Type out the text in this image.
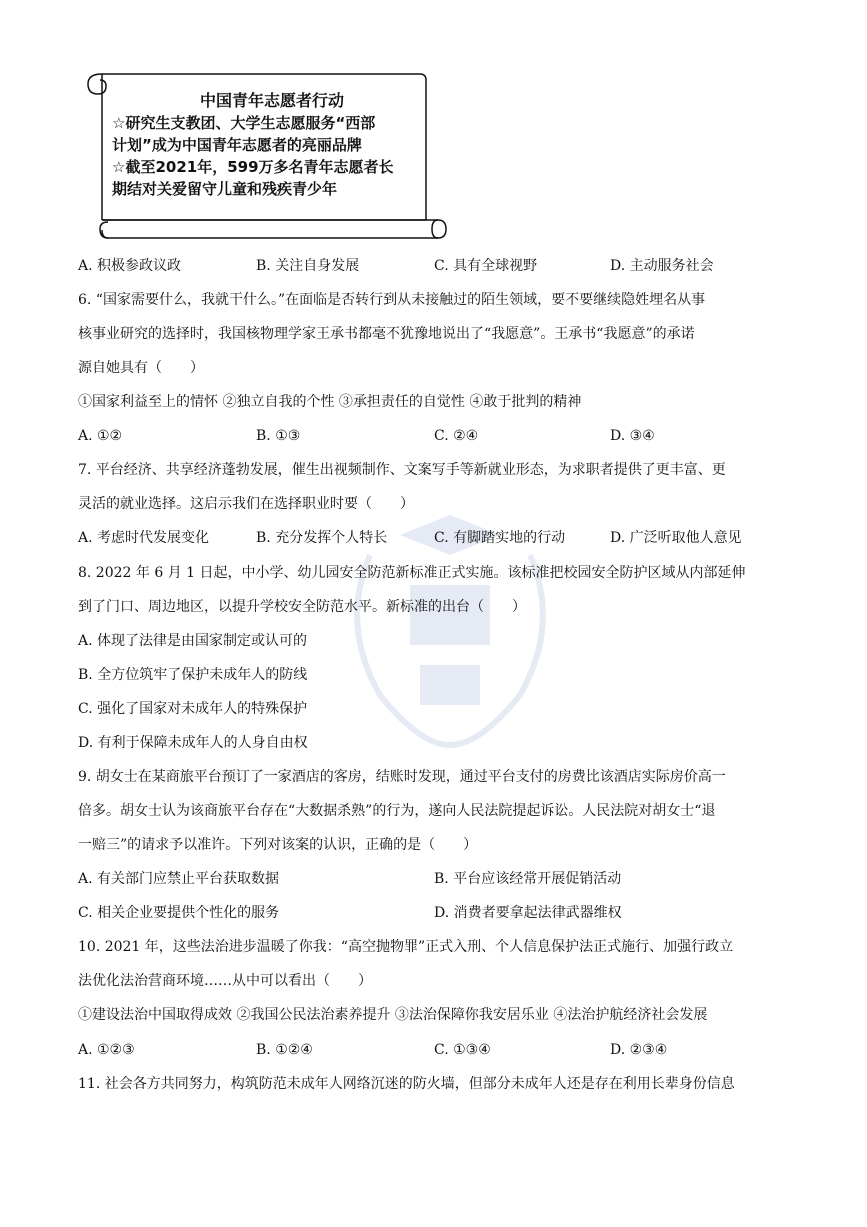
中国青年志愿者行动
☆研究生支教团、大学生志愿服务“西部
计划”成为中国青年志愿者的亮丽品牌
☆截至2021年，599万多名青年志愿者长
期结对关爱留守儿童和残疾青少年
A. 积极参政议政	B. 关注自身发展	C. 具有全球视野	D. 主动服务社会
6. “国家需要什么，我就干什么。”在面临是否转行到从未接触过的陌生领域，要不要继续隐姓埋名从事
核事业研究的选择时，我国核物理学家王承书都毫不犹豫地说出了“我愿意”。王承书“我愿意”的承诺
源自她具有（　　）
①国家利益至上的情怀 ②独立自我的个性 ③承担责任的自觉性 ④敢于批判的精神
A. ①②	B. ①③	C. ②④	D. ③④
7. 平台经济、共享经济蓬勃发展，催生出视频制作、文案写手等新就业形态，为求职者提供了更丰富、更
灵活的就业选择。这启示我们在选择职业时要（　　）
A. 考虑时代发展变化	B. 充分发挥个人特长	C. 有脚踏实地的行动	D. 广泛听取他人意见
8. 2022 年 6 月 1 日起，中小学、幼儿园安全防范新标准正式实施。该标准把校园安全防护区域从内部延伸
到了门口、周边地区，以提升学校安全防范水平。新标准的出台（　　）
A. 体现了法律是由国家制定或认可的
B. 全方位筑牢了保护未成年人的防线
C. 强化了国家对未成年人的特殊保护
D. 有利于保障未成年人的人身自由权
9. 胡女士在某商旅平台预订了一家酒店的客房，结账时发现，通过平台支付的房费比该酒店实际房价高一
倍多。胡女士认为该商旅平台存在“大数据杀熟”的行为，遂向人民法院提起诉讼。人民法院对胡女士“退
一赔三”的请求予以准许。下列对该案的认识，正确的是（　　）
A. 有关部门应禁止平台获取数据	B. 平台应该经常开展促销活动
C. 相关企业要提供个性化的服务	D. 消费者要拿起法律武器维权
10. 2021 年，这些法治进步温暖了你我：“高空抛物罪”正式入刑、个人信息保护法正式施行、加强行政立
法优化法治营商环境……从中可以看出（　　）
①建设法治中国取得成效 ②我国公民法治素养提升 ③法治保障你我安居乐业 ④法治护航经济社会发展
A. ①②③	B. ①②④	C. ①③④	D. ②③④
11. 社会各方共同努力，构筑防范未成年人网络沉迷的防火墙，但部分未成年人还是存在利用长辈身份信息
